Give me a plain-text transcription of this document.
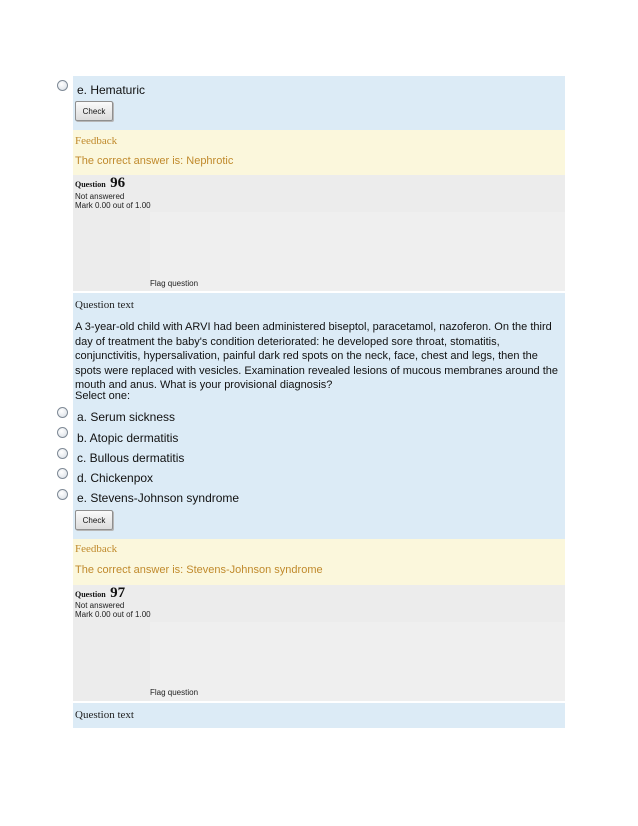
e. Hematuric
Check
Feedback
The correct answer is: Nephrotic
Question 96
Not answered
Mark 0.00 out of 1.00
Flag question
Question text
A 3-year-old child with ARVI had been administered biseptol, paracetamol, nazoferon. On the third day of treatment the baby's condition deteriorated: he developed sore throat, stomatitis, conjunctivitis, hypersalivation, painful dark red spots on the neck, face, chest and legs, then the spots were replaced with vesicles. Examination revealed lesions of mucous membranes around the mouth and anus. What is your provisional diagnosis?
Select one:
a. Serum sickness
b. Atopic dermatitis
c. Bullous dermatitis
d. Chickenpox
e. Stevens-Johnson syndrome
Check
Feedback
The correct answer is: Stevens-Johnson syndrome
Question 97
Not answered
Mark 0.00 out of 1.00
Flag question
Question text
